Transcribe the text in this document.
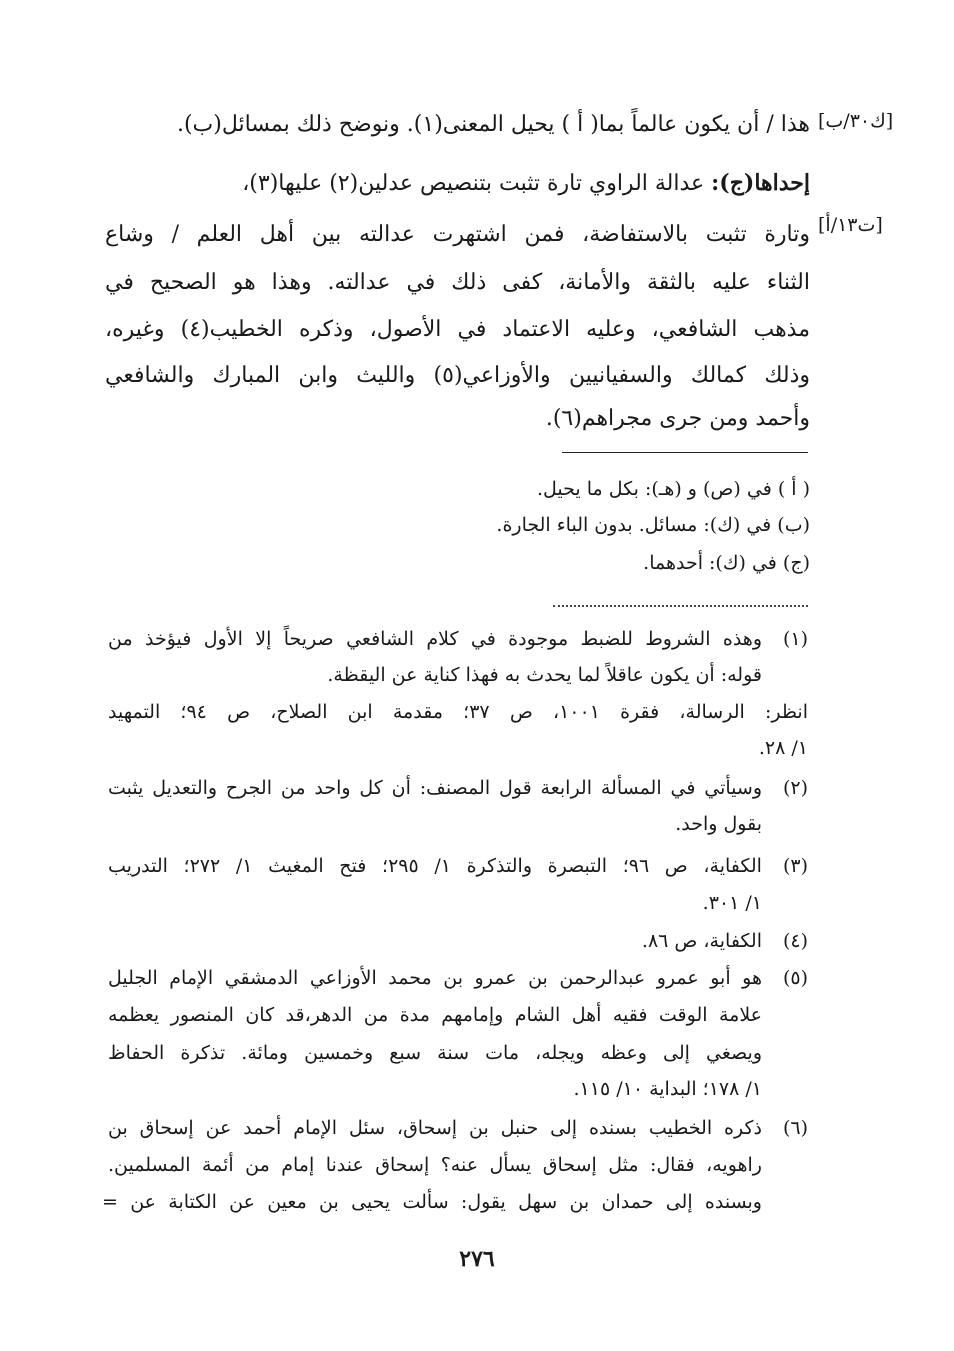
[ك٣٠/ب]
[ت١٣/أ]
هذا / أن يكون عالماً بما( أ ) يحيل المعنى(١). ونوضح ذلك بمسائل(ب).
إحداها(ج): عدالة الراوي تارة تثبت بتنصيص عدلين(٢) عليها(٣)،
وتارة تثبت بالاستفاضة، فمن اشتهرت عدالته بين أهل العلم / وشاع
الثناء عليه بالثقة والأمانة، كفى ذلك في عدالته. وهذا هو الصحيح في
مذهب الشافعي، وعليه الاعتماد في الأصول، وذكره الخطيب(٤) وغيره،
وذلك كمالك والسفيانيين والأوزاعي(٥) والليث وابن المبارك والشافعي
وأحمد ومن جرى مجراهم(٦).
( أ ) في (ص) و (هـ): بكل ما يحيل.
(ب) في (ك): مسائل. بدون الباء الجارة.
(ج) في (ك): أحدهما.
(١)
وهذه الشروط للضبط موجودة في كلام الشافعي صريحاً إلا الأول فيؤخذ من
قوله: أن يكون عاقلاً لما يحدث به فهذا كناية عن اليقظة.
انظر: الرسالة، فقرة ١٠٠١، ص ٣٧؛ مقدمة ابن الصلاح، ص ٩٤؛ التمهيد
١/ ٢٨.
(٢)
وسيأتي في المسألة الرابعة قول المصنف: أن كل واحد من الجرح والتعديل يثبت
بقول واحد.
(٣)
الكفاية، ص ٩٦؛ التبصرة والتذكرة ١/ ٢٩٥؛ فتح المغيث ١/ ٢٧٢؛ التدريب
١/ ٣٠١.
(٤)
الكفاية، ص ٨٦.
(٥)
هو أبو عمرو عبدالرحمن بن عمرو بن محمد الأوزاعي الدمشقي الإمام الجليل
علامة الوقت فقيه أهل الشام وإمامهم مدة من الدهر،قد كان المنصور يعظمه
ويصغي إلى وعظه ويجله، مات سنة سبع وخمسين ومائة. تذكرة الحفاظ
١/ ١٧٨؛ البداية ١٠/ ١١٥.
(٦)
ذكره الخطيب بسنده إلى حنبل بن إسحاق، سئل الإمام أحمد عن إسحاق بن
راهويه، فقال: مثل إسحاق يسأل عنه؟ إسحاق عندنا إمام من أئمة المسلمين.
وبسنده إلى حمدان بن سهل يقول: سألت يحيى بن معين عن الكتابة عن =
٢٧٦
